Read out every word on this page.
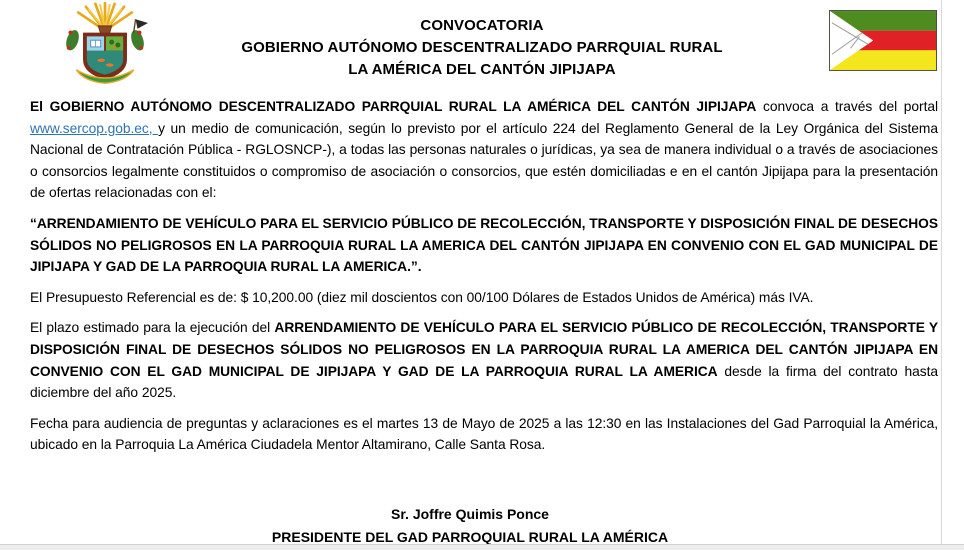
CONVOCATORIA
GOBIERNO AUTÓNOMO DESCENTRALIZADO PARRQUIAL RURAL
LA AMÉRICA DEL CANTÓN JIPIJAPA

El GOBIERNO AUTÓNOMO DESCENTRALIZADO PARRQUIAL RURAL LA AMÉRICA DEL CANTÓN JIPIJAPA convoca a través del portal www.sercop.gob.ec, y un medio de comunicación, según lo previsto por el artículo 224 del Reglamento General de la Ley Orgánica del Sistema Nacional de Contratación Pública - RGLOSNCP-), a todas las personas naturales o jurídicas, ya sea de manera individual o a través de asociaciones o consorcios legalmente constituidos o compromiso de asociación o consorcios, que estén domiciliadas e en el cantón Jipijapa para la presentación de ofertas relacionadas con el:

“ARRENDAMIENTO DE VEHÍCULO PARA EL SERVICIO PÚBLICO DE RECOLECCIÓN, TRANSPORTE Y DISPOSICIÓN FINAL DE DESECHOS SÓLIDOS NO PELIGROSOS EN LA PARROQUIA RURAL LA AMERICA DEL CANTÓN JIPIJAPA EN CONVENIO CON EL GAD MUNICIPAL DE JIPIJAPA Y GAD DE LA PARROQUIA RURAL LA AMERICA.”.

El Presupuesto Referencial es de: $ 10,200.00 (diez mil doscientos con 00/100 Dólares de Estados Unidos de América) más IVA.

El plazo estimado para la ejecución del ARRENDAMIENTO DE VEHÍCULO PARA EL SERVICIO PÚBLICO DE RECOLECCIÓN, TRANSPORTE Y DISPOSICIÓN FINAL DE DESECHOS SÓLIDOS NO PELIGROSOS EN LA PARROQUIA RURAL LA AMERICA DEL CANTÓN JIPIJAPA EN CONVENIO CON EL GAD MUNICIPAL DE JIPIJAPA Y GAD DE LA PARROQUIA RURAL LA AMERICA desde la firma del contrato hasta diciembre del año 2025.

Fecha para audiencia de preguntas y aclaraciones es el martes 13 de Mayo de 2025 a las 12:30 en las Instalaciones del Gad Parroquial la América, ubicado en la Parroquia La América Ciudadela Mentor Altamirano, Calle Santa Rosa.

Sr. Joffre Quimis Ponce
PRESIDENTE DEL GAD PARROQUIAL RURAL LA AMÉRICA
